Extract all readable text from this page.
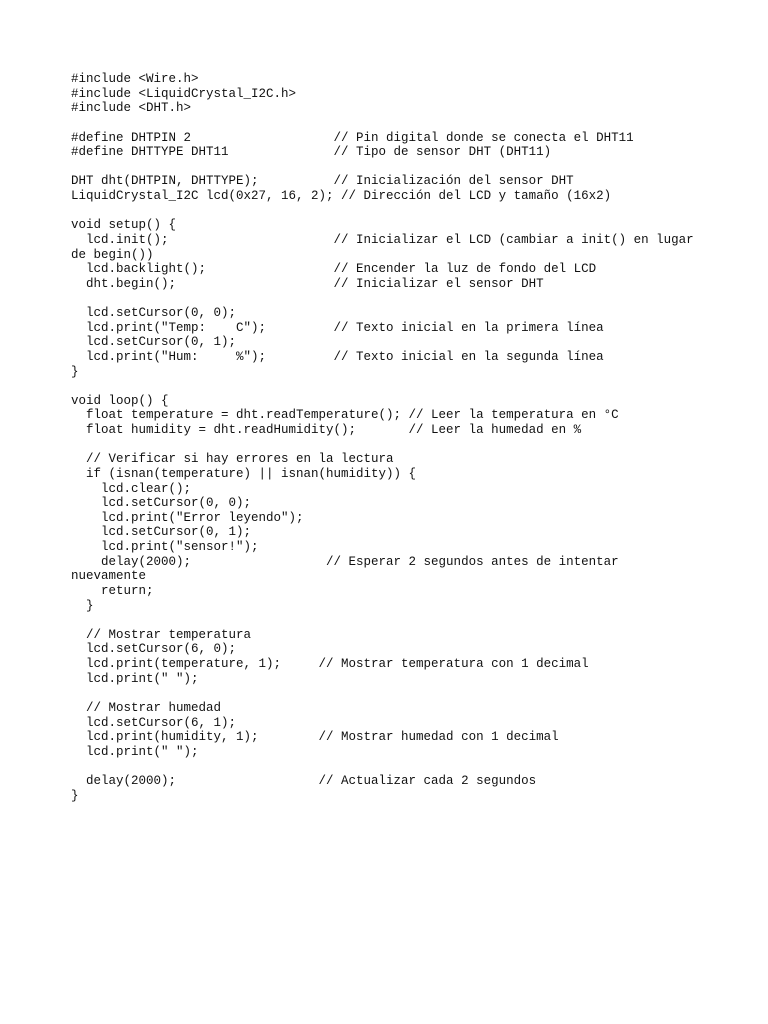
#include <Wire.h>
#include <LiquidCrystal_I2C.h>
#include <DHT.h>
#define DHTPIN 2                   // Pin digital donde se conecta el DHT11
#define DHTTYPE DHT11              // Tipo de sensor DHT (DHT11)
DHT dht(DHTPIN, DHTTYPE);          // Inicialización del sensor DHT
LiquidCrystal_I2C lcd(0x27, 16, 2); // Dirección del LCD y tamaño (16x2)
void setup() {
lcd.init();                      // Inicializar el LCD (cambiar a init() en lugar
de begin())
lcd.backlight();                 // Encender la luz de fondo del LCD
dht.begin();                     // Inicializar el sensor DHT
lcd.setCursor(0, 0);
lcd.print("Temp:    C");         // Texto inicial en la primera línea
lcd.setCursor(0, 1);
lcd.print("Hum:     %");         // Texto inicial en la segunda línea
}
void loop() {
float temperature = dht.readTemperature(); // Leer la temperatura en °C
float humidity = dht.readHumidity();       // Leer la humedad en %
// Verificar si hay errores en la lectura
if (isnan(temperature) || isnan(humidity)) {
lcd.clear();
lcd.setCursor(0, 0);
lcd.print("Error leyendo");
lcd.setCursor(0, 1);
lcd.print("sensor!");
delay(2000);                  // Esperar 2 segundos antes de intentar
nuevamente
return;
}
// Mostrar temperatura
lcd.setCursor(6, 0);
lcd.print(temperature, 1);     // Mostrar temperatura con 1 decimal
lcd.print(" ");
// Mostrar humedad
lcd.setCursor(6, 1);
lcd.print(humidity, 1);        // Mostrar humedad con 1 decimal
lcd.print(" ");
delay(2000);                   // Actualizar cada 2 segundos
}
